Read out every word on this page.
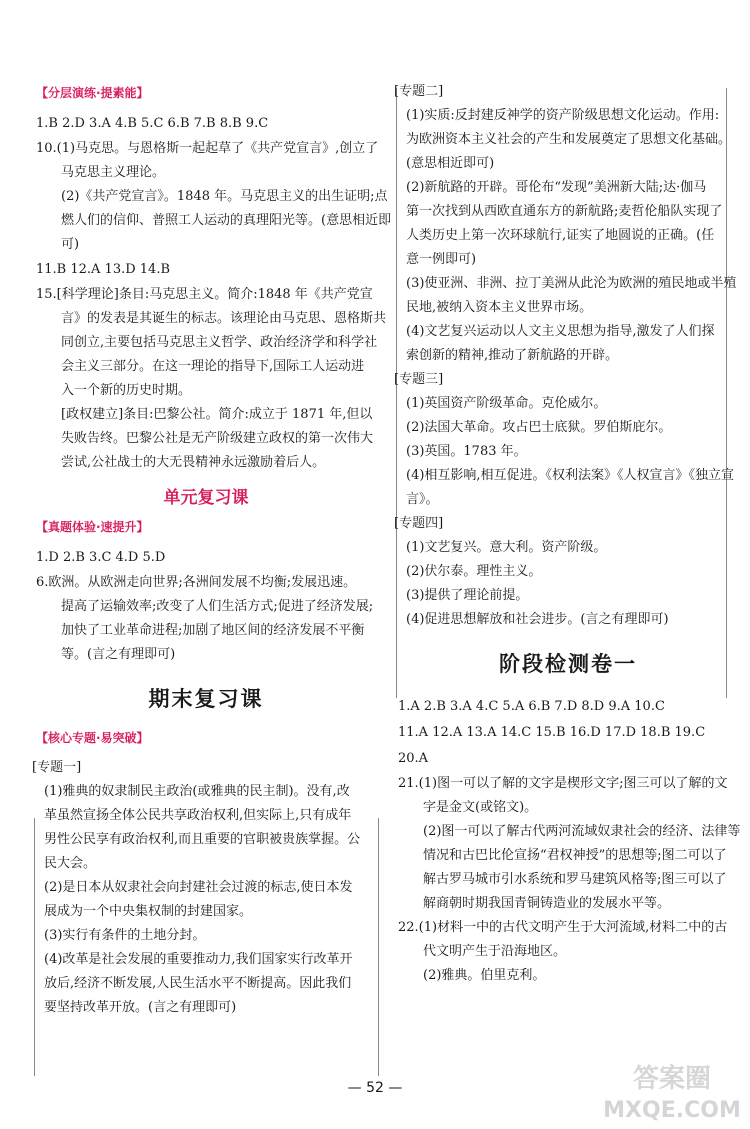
【分层演练·提素能】
1.B 2.D 3.A 4.B 5.C 6.B 7.B 8.B 9.C
10.(1)马克思。与恩格斯一起起草了《共产党宣言》,创立了
马克思主义理论。
(2)《共产党宣言》。1848 年。马克思主义的出生证明;点
燃人们的信仰、普照工人运动的真理阳光等。(意思相近即
可)
11.B 12.A 13.D 14.B
15.[科学理论]条目:马克思主义。简介:1848 年《共产党宣
言》的发表是其诞生的标志。该理论由马克思、恩格斯共
同创立,主要包括马克思主义哲学、政治经济学和科学社
会主义三部分。在这一理论的指导下,国际工人运动进
入一个新的历史时期。
[政权建立]条目:巴黎公社。简介:成立于 1871 年,但以
失败告终。巴黎公社是无产阶级建立政权的第一次伟大
尝试,公社战士的大无畏精神永远激励着后人。
单元复习课
【真题体验·速提升】
1.D 2.B 3.C 4.D 5.D
6.欧洲。从欧洲走向世界;各洲间发展不均衡;发展迅速。
提高了运输效率;改变了人们生活方式;促进了经济发展;
加快了工业革命进程;加剧了地区间的经济发展不平衡
等。(言之有理即可)
期末复习课
【核心专题·易突破】
[专题一]
(1)雅典的奴隶制民主政治(或雅典的民主制)。没有,改
革虽然宣扬全体公民共享政治权利,但实际上,只有成年
男性公民享有政治权利,而且重要的官职被贵族掌握。公
民大会。
(2)是日本从奴隶社会向封建社会过渡的标志,使日本发
展成为一个中央集权制的封建国家。
(3)实行有条件的土地分封。
(4)改革是社会发展的重要推动力,我们国家实行改革开
放后,经济不断发展,人民生活水平不断提高。因此我们
要坚持改革开放。(言之有理即可)
[专题二]
(1)实质:反封建反神学的资产阶级思想文化运动。作用:
为欧洲资本主义社会的产生和发展奠定了思想文化基础。
(意思相近即可)
(2)新航路的开辟。哥伦布“发现”美洲新大陆;达·伽马
第一次找到从西欧直通东方的新航路;麦哲伦船队实现了
人类历史上第一次环球航行,证实了地圆说的正确。(任
意一例即可)
(3)使亚洲、非洲、拉丁美洲从此沦为欧洲的殖民地或半殖
民地,被纳入资本主义世界市场。
(4)文艺复兴运动以人文主义思想为指导,激发了人们探
索创新的精神,推动了新航路的开辟。
[专题三]
(1)英国资产阶级革命。克伦威尔。
(2)法国大革命。攻占巴士底狱。罗伯斯庇尔。
(3)英国。1783 年。
(4)相互影响,相互促进。《权利法案》《人权宣言》《独立宣
言》。
[专题四]
(1)文艺复兴。意大利。资产阶级。
(2)伏尔泰。理性主义。
(3)提供了理论前提。
(4)促进思想解放和社会进步。(言之有理即可)
阶段检测卷一
1.A 2.B 3.A 4.C 5.A 6.B 7.D 8.D 9.A 10.C
11.A 12.A 13.A 14.C 15.B 16.D 17.D 18.B 19.C
20.A
21.(1)图一可以了解的文字是楔形文字;图三可以了解的文
字是金文(或铭文)。
(2)图一可以了解古代两河流域奴隶社会的经济、法律等
情况和古巴比伦宣扬“君权神授”的思想等;图二可以了
解古罗马城市引水系统和罗马建筑风格等;图三可以了
解商朝时期我国青铜铸造业的发展水平等。
22.(1)材料一中的古代文明产生于大河流域,材料二中的古
代文明产生于沿海地区。
(2)雅典。伯里克利。
— 52 —	答案圈
MXQE.COM
